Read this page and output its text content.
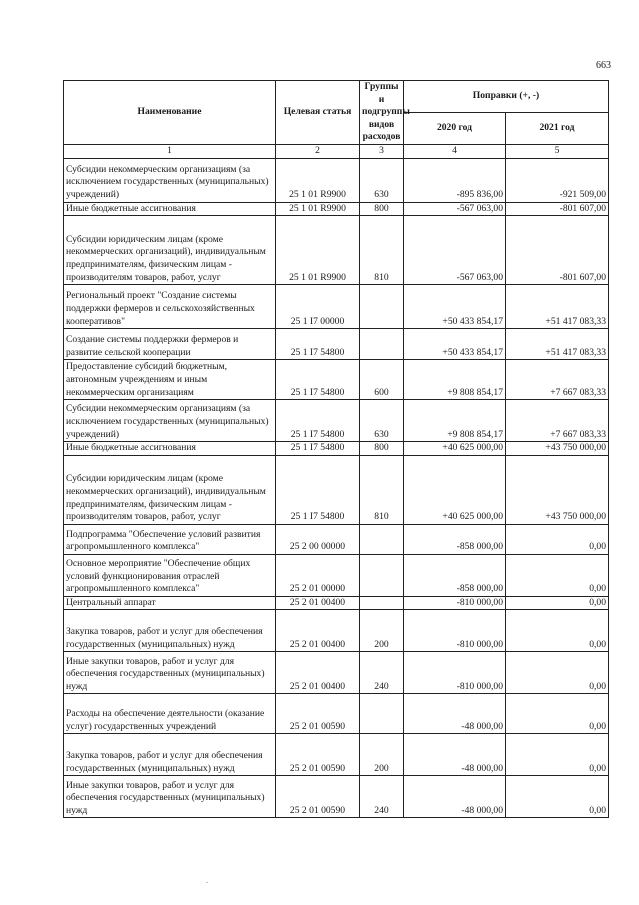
663
Наименование	Целевая статья	Группы и подгруппы видов расходов	Поправки (+, -)	
			2020 год	2021 год
1	2	3	4	5
Субсидии некоммерческим организациям (за исключением государственных (муниципальных) учреждений)	25 1 01 R9900	630	-895 836,00	-921 509,00
Иные бюджетные ассигнования	25 1 01 R9900	800	-567 063,00	-801 607,00
Субсидии юридическим лицам (кроме некоммерческих организаций), индивидуальным предпринимателям, физическим лицам - производителям товаров, работ, услуг	25 1 01 R9900	810	-567 063,00	-801 607,00
Региональный проект "Создание системы поддержки фермеров и сельскохозяйственных кооперативов"	25 1 I7 00000		+50 433 854,17	+51 417 083,33
Создание системы поддержки фермеров и развитие сельской кооперации	25 1 I7 54800		+50 433 854,17	+51 417 083,33
Предоставление субсидий бюджетным, автономным учреждениям и иным некоммерческим организациям	25 1 I7 54800	600	+9 808 854,17	+7 667 083,33
Субсидии некоммерческим организациям (за исключением государственных (муниципальных) учреждений)	25 1 I7 54800	630	+9 808 854,17	+7 667 083,33
Иные бюджетные ассигнования	25 1 I7 54800	800	+40 625 000,00	+43 750 000,00
Субсидии юридическим лицам (кроме некоммерческих организаций), индивидуальным предпринимателям, физическим лицам - производителям товаров, работ, услуг	25 1 I7 54800	810	+40 625 000,00	+43 750 000,00
Подпрограмма "Обеспечение условий развития агропромышленного комплекса"	25 2 00 00000		-858 000,00	0,00
Основное мероприятие "Обеспечение общих условий функционирования отраслей агропромышленного комплекса"	25 2 01 00000		-858 000,00	0,00
Центральный аппарат	25 2 01 00400		-810 000,00	0,00
Закупка товаров, работ и услуг для обеспечения государственных (муниципальных) нужд	25 2 01 00400	200	-810 000,00	0,00
Иные закупки товаров, работ и услуг для обеспечения государственных (муниципальных) нужд	25 2 01 00400	240	-810 000,00	0,00
Расходы на обеспечение деятельности (оказание услуг) государственных учреждений	25 2 01 00590		-48 000,00	0,00
Закупка товаров, работ и услуг для обеспечения государственных (муниципальных) нужд	25 2 01 00590	200	-48 000,00	0,00
Иные закупки товаров, работ и услуг для обеспечения государственных (муниципальных) нужд	25 2 01 00590	240	-48 000,00	0,00
.
